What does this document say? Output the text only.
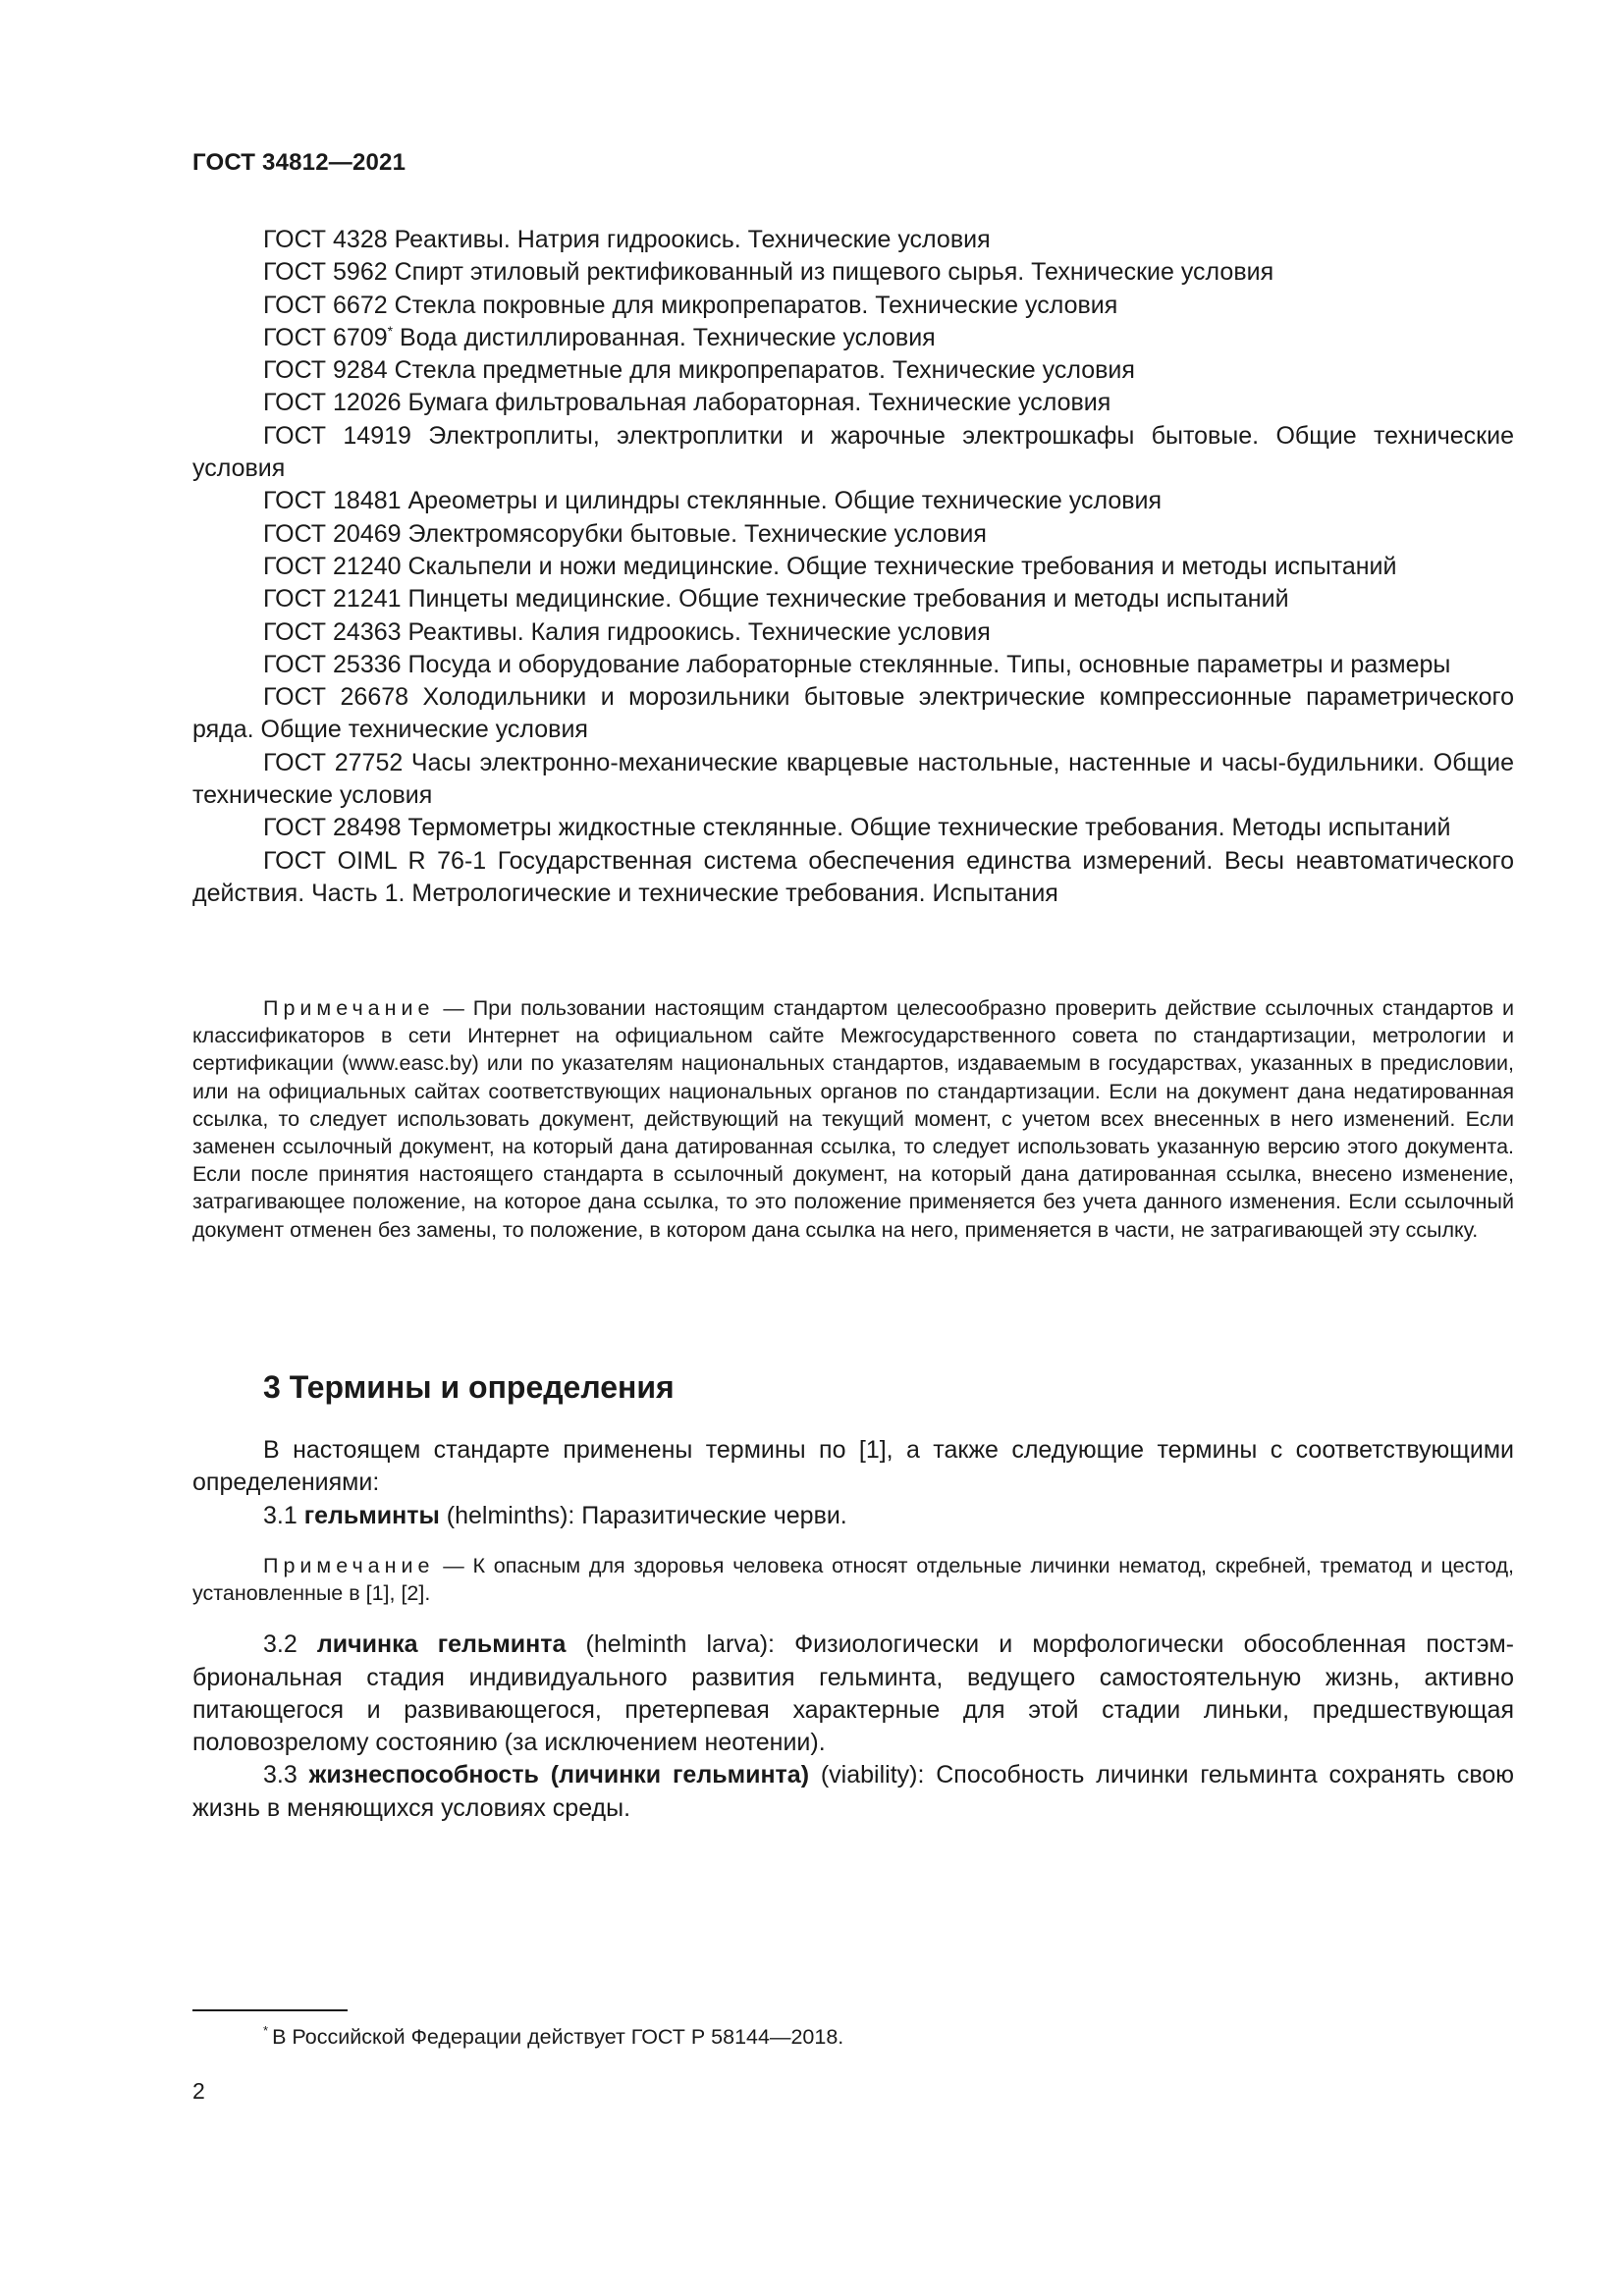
ГОСТ 34812—2021

ГОСТ 4328 Реактивы. Натрия гидроокись. Технические условия

ГОСТ 5962 Спирт этиловый ректификованный из пищевого сырья. Технические условия

ГОСТ 6672 Стекла покровные для микропрепаратов. Технические условия

ГОСТ 6709* Вода дистиллированная. Технические условия

ГОСТ 9284 Стекла предметные для микропрепаратов. Технические условия

ГОСТ 12026 Бумага фильтровальная лабораторная. Технические условия

ГОСТ 14919 Электроплиты, электроплитки и жарочные электрошкафы бытовые. Общие технические условия

ГОСТ 18481 Ареометры и цилиндры стеклянные. Общие технические условия

ГОСТ 20469 Электромясорубки бытовые. Технические условия

ГОСТ 21240 Скальпели и ножи медицинские. Общие технические требования и методы испытаний

ГОСТ 21241 Пинцеты медицинские. Общие технические требования и методы испытаний

ГОСТ 24363 Реактивы. Калия гидроокись. Технические условия

ГОСТ 25336 Посуда и оборудование лабораторные стеклянные. Типы, основные параметры и размеры

ГОСТ 26678 Холодильники и морозильники бытовые электрические компрессионные параметрического ряда. Общие технические условия

ГОСТ 27752 Часы электронно-механические кварцевые настольные, настенные и часы-будильники. Общие технические условия

ГОСТ 28498 Термометры жидкостные стеклянные. Общие технические требования. Методы испытаний

ГОСТ OIML R 76-1 Государственная система обеспечения единства измерений. Весы неавтоматического действия. Часть 1. Метрологические и технические требования. Испытания

Примечание — При пользовании настоящим стандартом целесообразно проверить действие ссылочных стандартов и классификаторов в сети Интернет на официальном сайте Межгосударственного совета по стандартизации, метрологии и сертификации (www.easc.by) или по указателям национальных стандартов, издаваемым в государствах, указанных в предисловии, или на официальных сайтах соответствующих национальных органов по стандартизации. Если на документ дана недатированная ссылка, то следует использовать документ, действующий на текущий момент, с учетом всех внесенных в него изменений. Если заменен ссылочный документ, на который дана датированная ссылка, то следует использовать указанную версию этого документа. Если после принятия настоящего стандарта в ссылочный документ, на который дана датированная ссылка, внесено изменение, затрагивающее положение, на которое дана ссылка, то это положение применяется без учета данного изменения. Если ссылочный документ отменен без замены, то положение, в котором дана ссылка на него, применяется в части, не затрагивающей эту ссылку.

3 Термины и определения

В настоящем стандарте применены термины по [1], а также следующие термины с соответствующими определениями:

3.1 гельминты (helminths): Паразитические черви.

Примечание — К опасным для здоровья человека относят отдельные личинки нематод, скребней, трематод и цестод, установленные в [1], [2].

3.2 личинка гельминта (helminth larva): Физиологически и морфологически обособленная постэмбриональная стадия индивидуального развития гельминта, ведущего самостоятельную жизнь, активно питающегося и развивающегося, претерпевая характерные для этой стадии линьки, предшествующая половозрелому состоянию (за исключением неотении).

3.3 жизнеспособность (личинки гельминта) (viability): Способность личинки гельминта сохранять свою жизнь в меняющихся условиях среды.

* В Российской Федерации действует ГОСТ Р 58144—2018.

2
